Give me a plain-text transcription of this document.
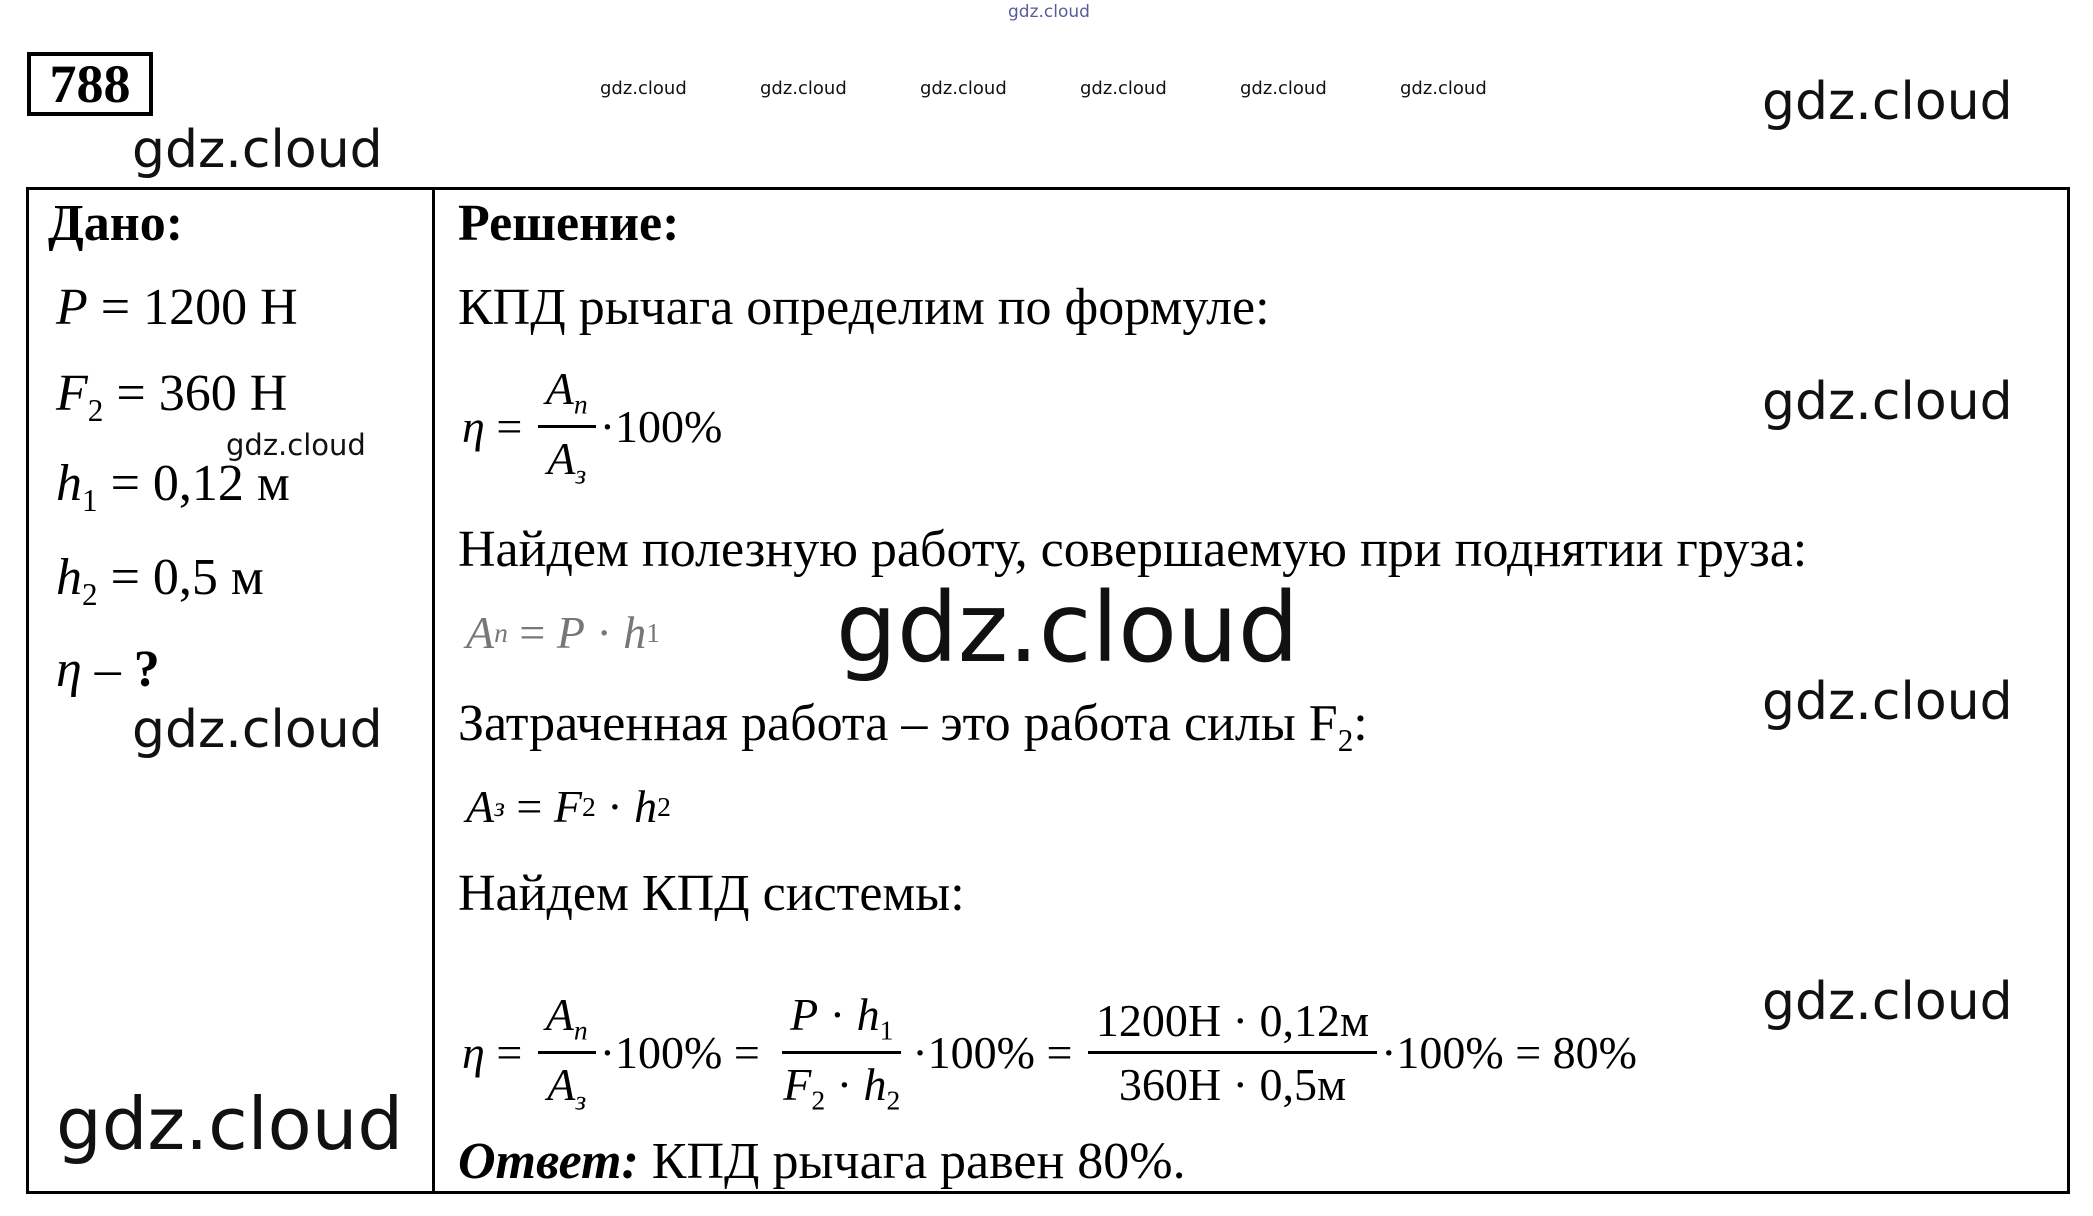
gdz.cloud
788	gdz.cloud	gdz.cloud	gdz.cloud	gdz.cloud	gdz.cloud	gdz.cloud	gdz.cloud
gdz.cloud
Дано:
P = 1200 Н
$F_2 = 360$ Н
gdz.cloud
$h_1 = 0,12$ м
$h_2 = 0,5$ м
η – ?
gdz.cloud
gdz.cloud
Решение:
КПД рычага определим по формуле:
$\eta = \frac{A_п}{A_з} \cdot 100\%$	gdz.cloud
Найдем полезную работу, совершаемую при поднятии груза:
A п = P · h 1 gdz.cloud
Затраченная работа – это работа силы $F_2$:	gdz.cloud
A з = F 2 · h 2
Найдем КПД системы:
$\eta = \frac{A_п}{A_з} \cdot 100\% = \frac{P \cdot h_1}{F_2 \cdot h_2} \cdot 100\% = \frac{1200H \cdot 0,12м}{360H \cdot 0,5м} \cdot 100\% = 80\%$
gdz.cloud
Ответ: КПД рычага равен 80%.
